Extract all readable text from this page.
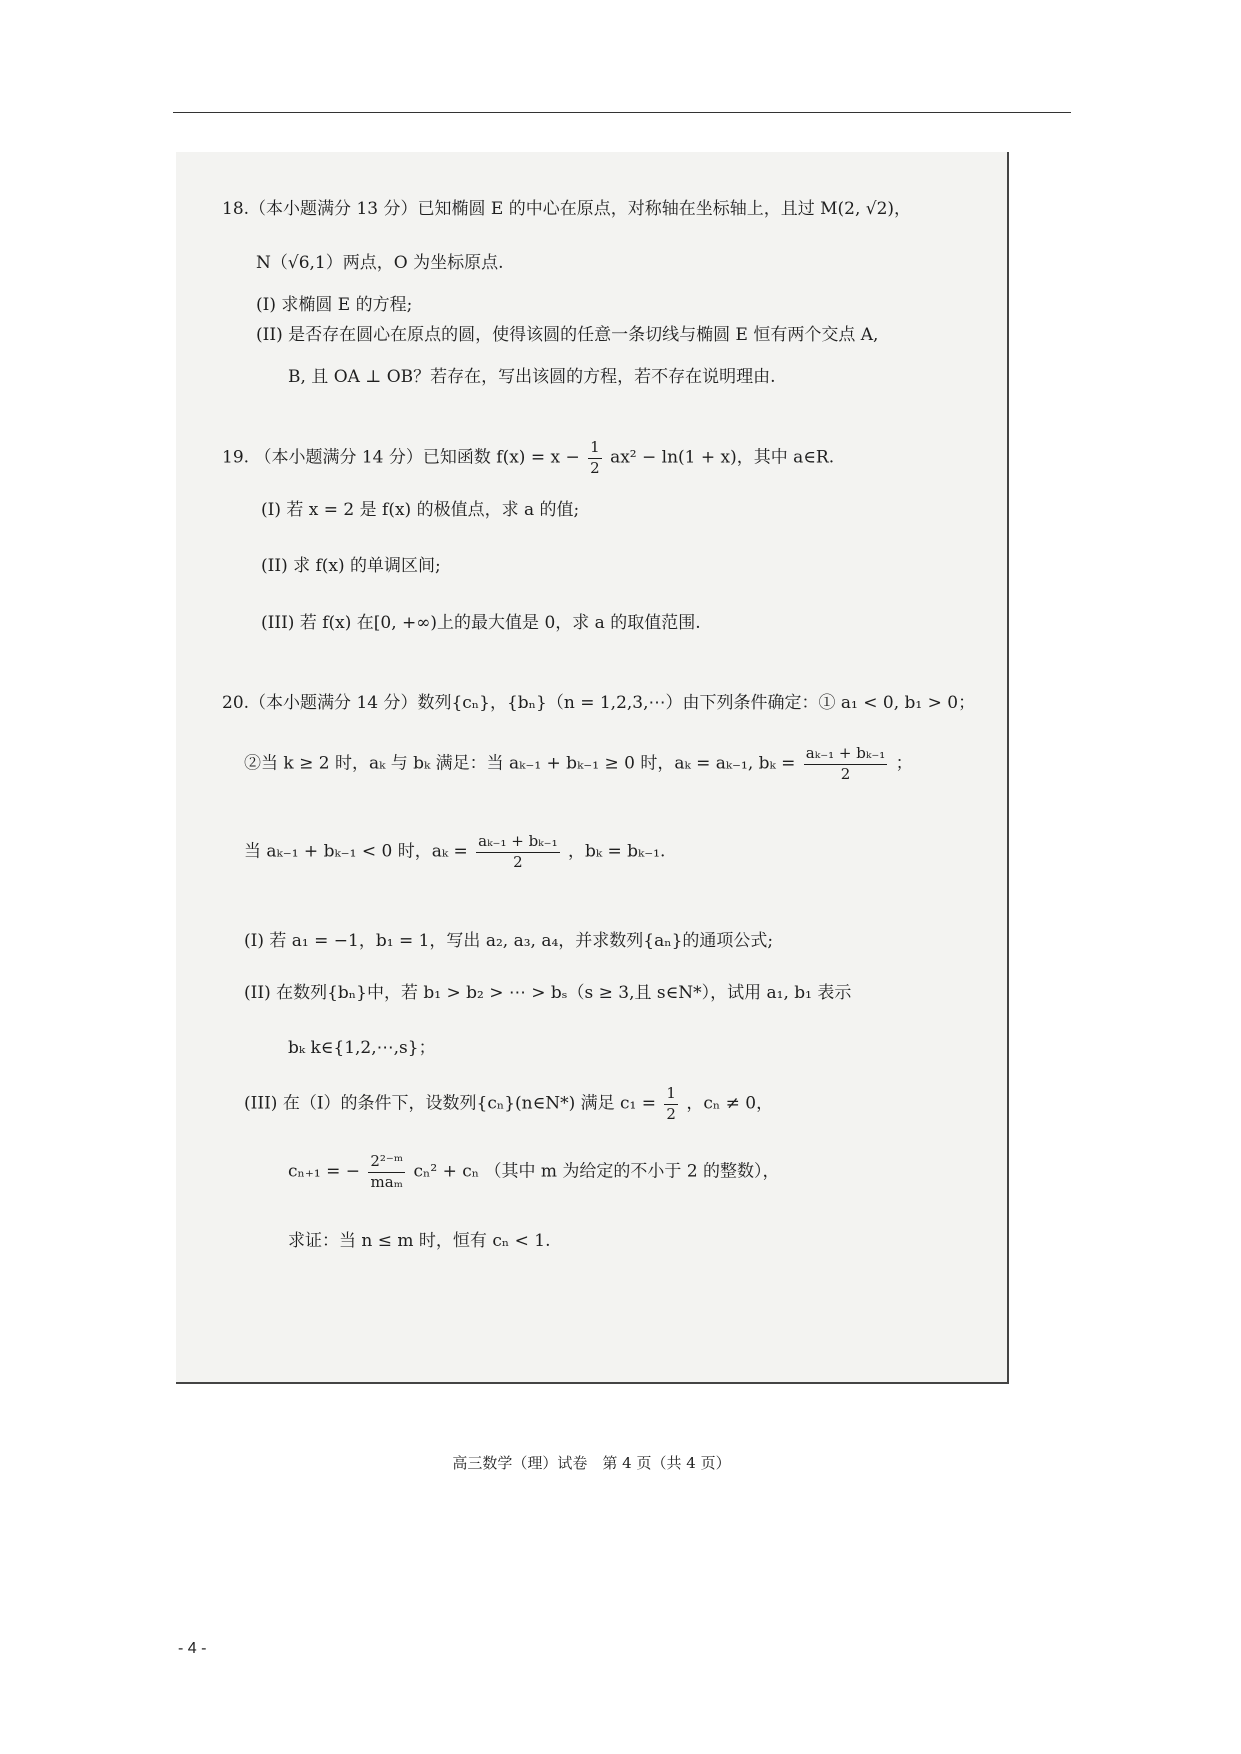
18.（本小题满分 13 分）已知椭圆 E 的中心在原点，对称轴在坐标轴上，且过 M(2, √2)，
N（√6,1）两点，O 为坐标原点.
(I) 求椭圆 E 的方程;
(II) 是否存在圆心在原点的圆，使得该圆的任意一条切线与椭圆 E 恒有两个交点 A,
B, 且 OA ⊥ OB？若存在，写出该圆的方程，若不存在说明理由.
19. （本小题满分 14 分）已知函数 $f(x) = x - \frac{1}{2} ax^2 - \ln(1 + x)$，其中 a∈R.
(I) 若 x = 2 是 f(x) 的极值点，求 a 的值;
(II) 求 f(x) 的单调区间;
(III) 若 f(x) 在[0, +∞)上的最大值是 0，求 a 的取值范围.
20.（本小题满分 14 分）数列{cₙ}，{bₙ}（n = 1,2,3,⋯）由下列条件确定：① a₁ < 0, b₁ > 0；
②当 k ≥ 2 时，aₖ 与 bₖ 满足：当 aₖ₋₁ + bₖ₋₁ ≥ 0 时，aₖ = aₖ₋₁, $b_k = \frac{\text{aₖ₋₁ + bₖ₋₁}}{2}$ ；
当 aₖ₋₁ + bₖ₋₁ < 0 时，$a_k = \frac{\text{aₖ₋₁ + bₖ₋₁}}{2}$ ，bₖ = bₖ₋₁.
(I) 若 a₁ = −1，b₁ = 1，写出 a₂, a₃, a₄，并求数列{aₙ}的通项公式;
(II) 在数列{bₙ}中，若 b₁ > b₂ > ⋯ > bₛ（s ≥ 3,且 s∈N*），试用 a₁, b₁ 表示
bₖ k∈{1,2,⋯,s}；
(III) 在（I）的条件下，设数列{cₙ}(n∈N*) 满足 $c_1 = \frac{1}{2}$ ，cₙ ≠ 0，
cₙ₊₁ = − $\frac{\text{2²⁻ᵐ}}{\text{maₘ}} c_n^2 + c_n$ （其中 m 为给定的不小于 2 的整数），
求证：当 n ≤ m 时，恒有 cₙ < 1.
高三数学（理）试卷　第 4 页（共 4 页）
- 4 -
